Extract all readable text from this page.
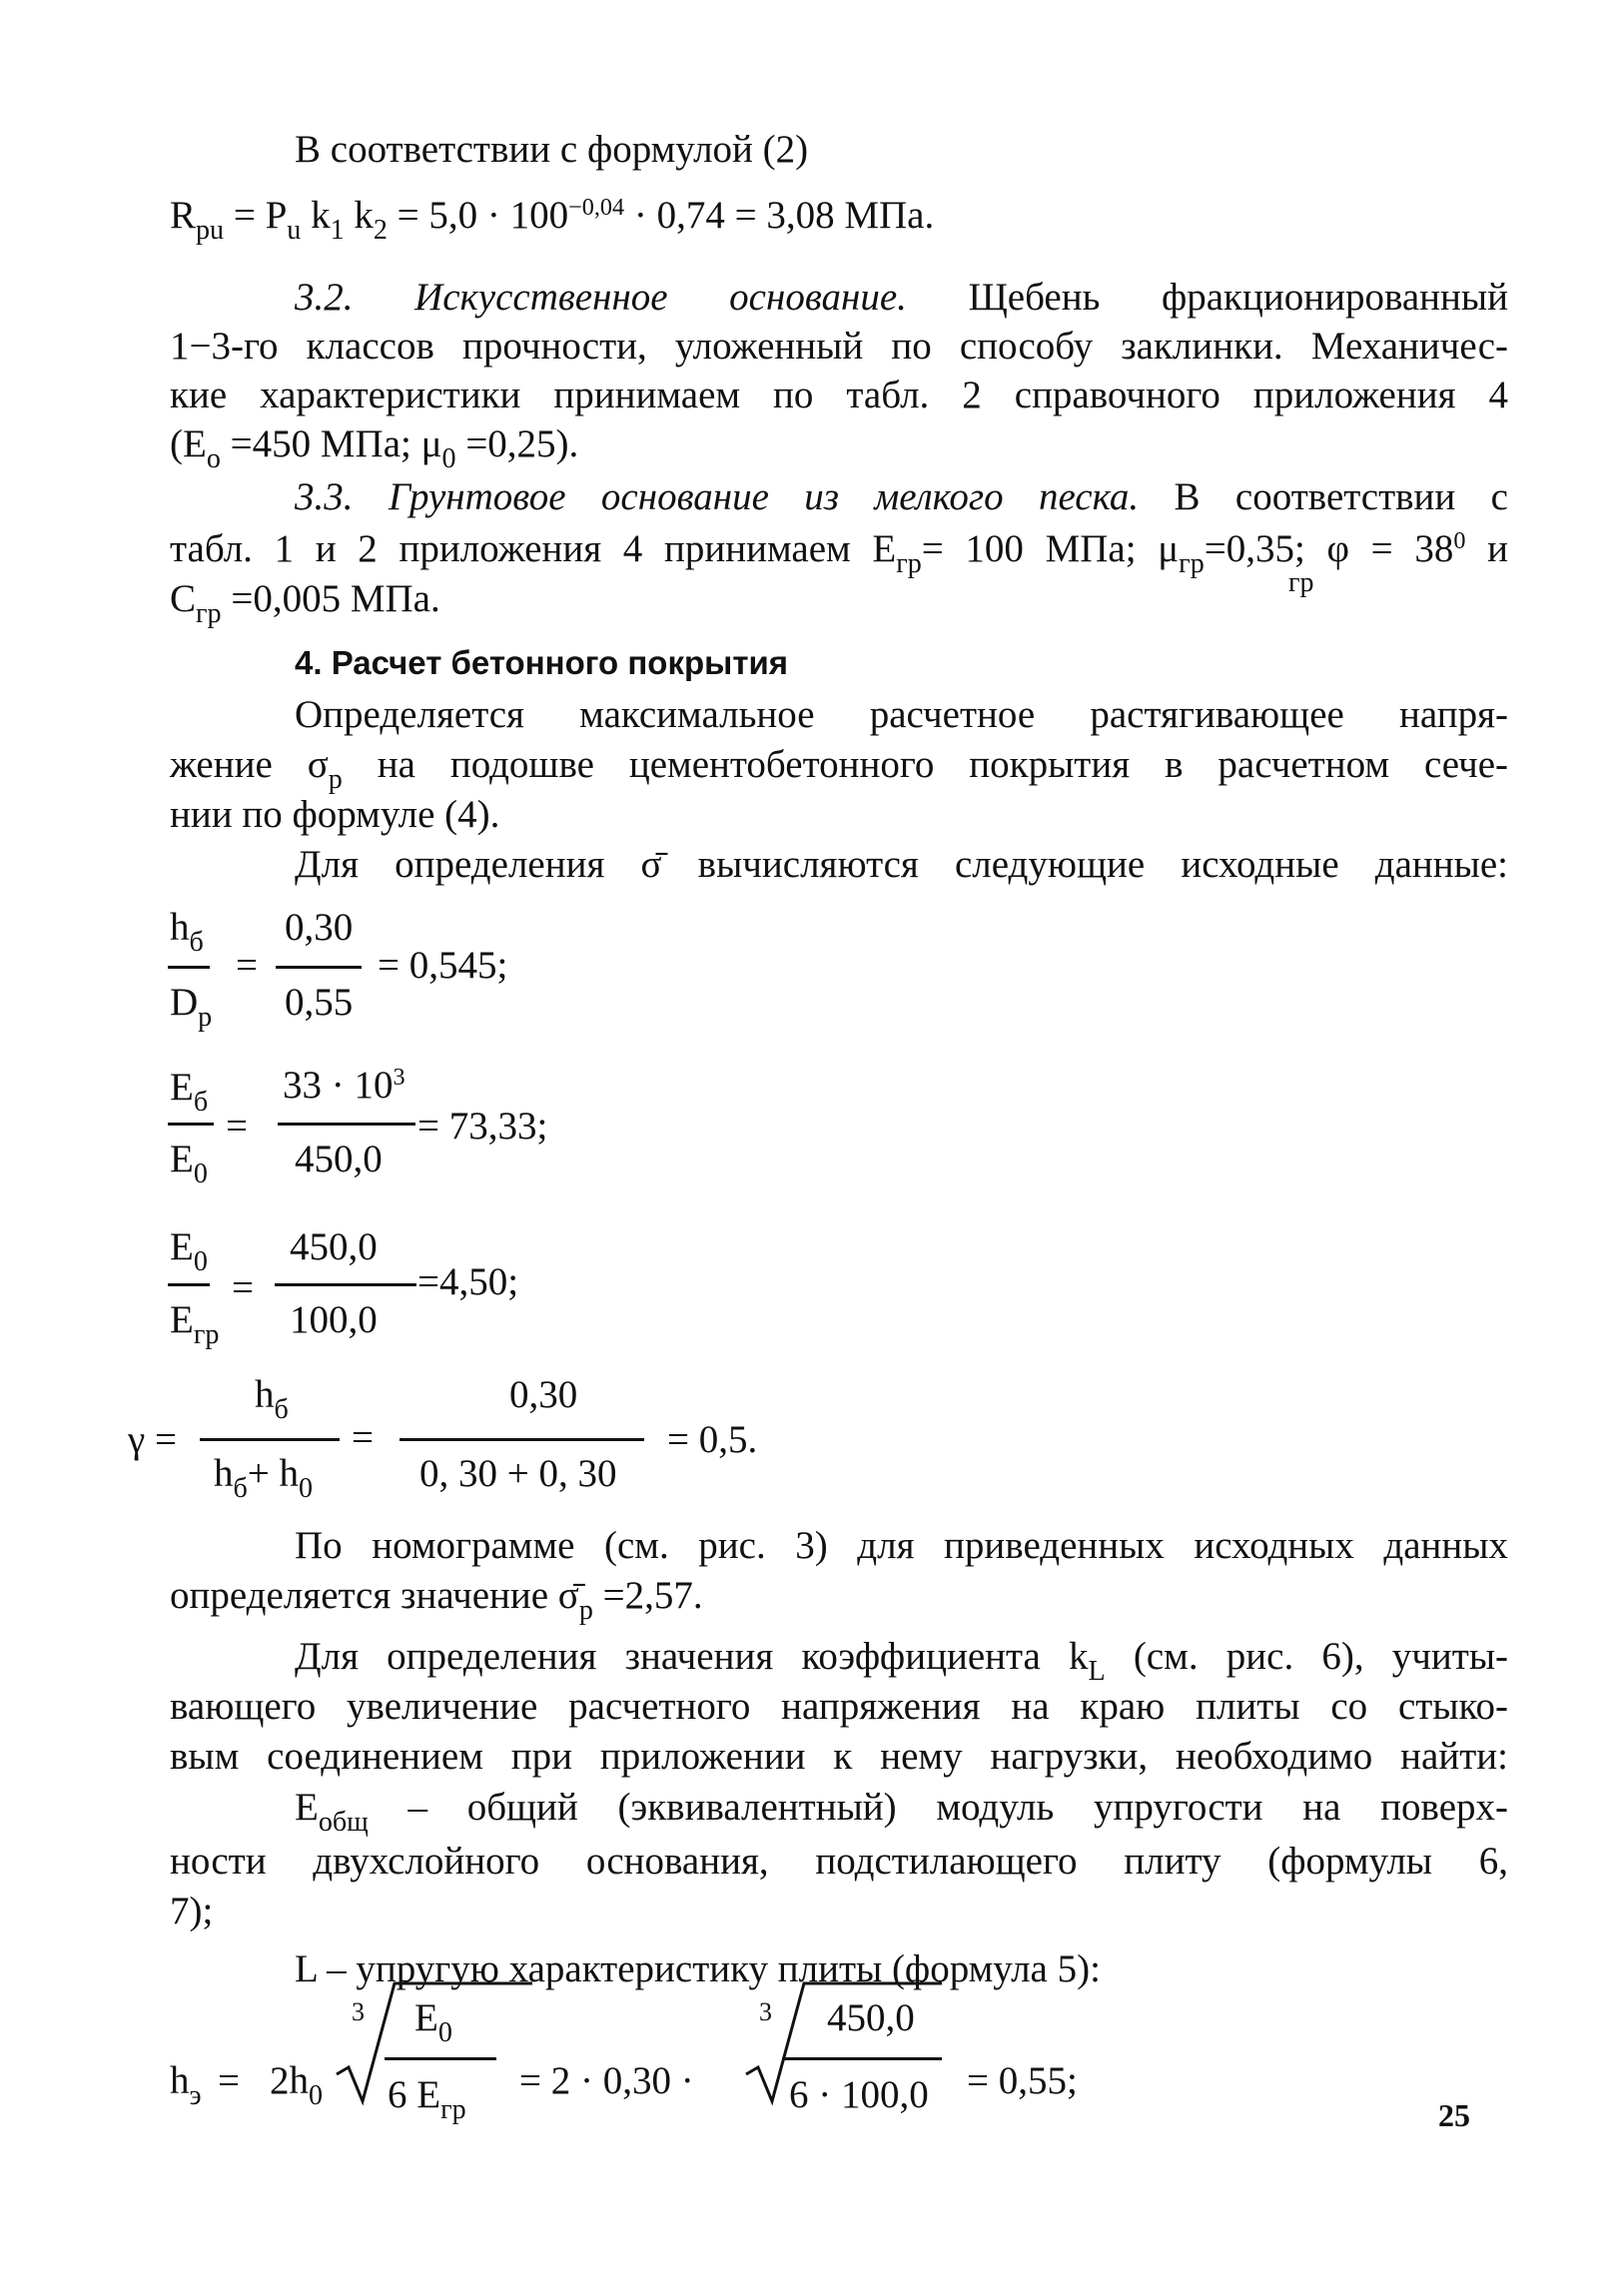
В соответствии с формулой (2)
$R_{pu} = P_u$ $k_1$ $k_2 = 5,0 \cdot 100^{-0,04} \cdot 0,74 = 3,08$ МПа.
3.2. Искусственное основание. Щебень фракционированный
1−3-го классов прочности, уложенный по способу заклинки. Механичес-
кие характеристики принимаем по табл. 2 справочного приложения 4
($E_о =450$ МПа; $\mu_0 =0,25$).
3.3. Грунтовое основание из мелкого песка. В соответствии с
табл. 1 и 2 приложения 4 принимаем $E_{гр}= 100$ МПа; $\mu_{гр}=0,35$; $\varphi = 38^0$ и
гр
$C_{гр} =0,005$ МПа.
4. Расчет бетонного покрытия
Определяется максимальное расчетное растягивающее напря-
жение $\sigma_р$ на подошве цементобетонного покрытия в расчетном сече-
нии по формуле (4).
Для определения σ̄ вычисляются следующие исходные данные:
$h_б$
$D_р$
=
0,30
0,55
= 0,545;
$E_б$
$E_0$
=
$33 \cdot 10^3$
450,0
= 73,33;
$E_0$
$E_{гр}$
=
450,0
100,0
=4,50;
γ =
$h_б$
$h_б+ h_0$
=
0,30
0, 30 + 0, 30
= 0,5.
По номограмме (см. рис. 3) для приведенных исходных данных
определяется значение $\sigmā_р =2,57$.
Для определения значения коэффициента $k_L$ (см. рис. 6), учиты-
вающего увеличение расчетного напряжения на краю плиты со стыко-
вым соединением при приложении к нему нагрузки, необходимо найти:
$E_{общ}$ – общий (эквивалентный) модуль упругости на поверх-
ности двухслойного основания, подстилающего плиту (формулы 6,
7);
L – упругую характеристику плиты (формула 5):
$h_э = 2h_0$
3 $E_0$
6 $E_{гр}$
= 2 · 0,30 ·
3 450,0
6 · 100,0 = 0,55;
25
